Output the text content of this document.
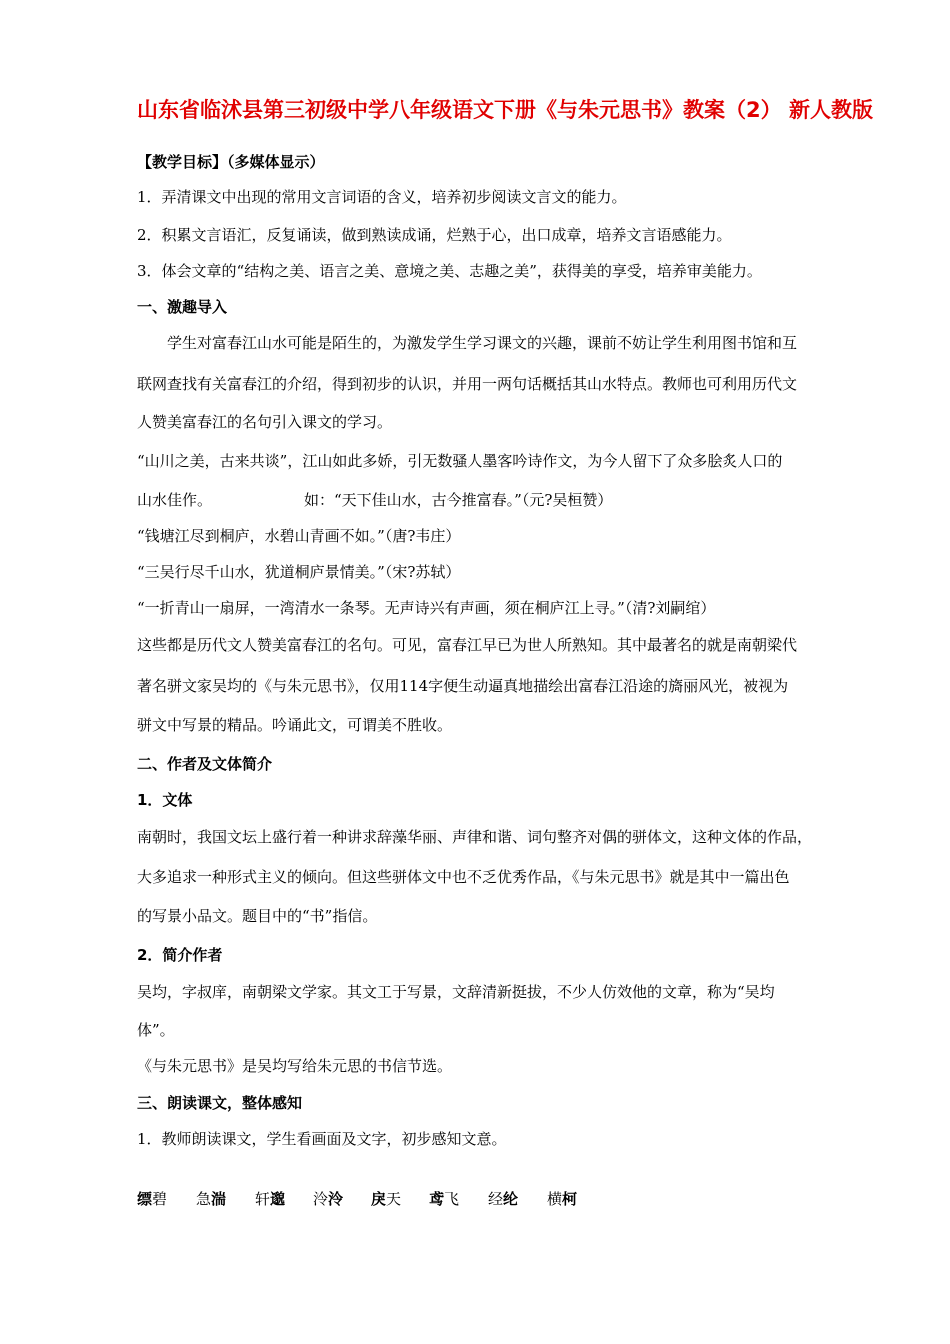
山东省临沭县第三初级中学八年级语文下册《与朱元思书》教案（2） 新人教版
【教学目标】（多媒体显示）
1．弄清课文中出现的常用文言词语的含义，培养初步阅读文言文的能力。
2．积累文言语汇，反复诵读，做到熟读成诵，烂熟于心，出口成章，培养文言语感能力。
3．体会文章的“结构之美、语言之美、意境之美、志趣之美”，获得美的享受，培养审美能力。
一、激趣导入
　　学生对富春江山水可能是陌生的，为激发学生学习课文的兴趣，课前不妨让学生利用图书馆和互
联网查找有关富春江的介绍，得到初步的认识，并用一两句话概括其山水特点。教师也可利用历代文
人赞美富春江的名句引入课文的学习。
“山川之美，古来共谈”，江山如此多娇，引无数骚人墨客吟诗作文，为今人留下了众多脍炙人口的
山水佳作。	如：“天下佳山水，古今推富春。”（元?吴桓赞）
“钱塘江尽到桐庐，水碧山青画不如。”（唐?韦庄）
“三吴行尽千山水，犹道桐庐景情美。”（宋?苏轼）
“一折青山一扇屏，一湾清水一条琴。无声诗兴有声画，须在桐庐江上寻。”（清?刘嗣绾）
这些都是历代文人赞美富春江的名句。可见，富春江早已为世人所熟知。其中最著名的就是南朝梁代
著名骈文家吴均的《与朱元思书》，仅用114字便生动逼真地描绘出富春江沿途的旖丽风光，被视为
骈文中写景的精品。吟诵此文，可谓美不胜收。
二、作者及文体简介
1．文体
南朝时，我国文坛上盛行着一种讲求辞藻华丽、声律和谐、词句整齐对偶的骈体文，这种文体的作品，
大多追求一种形式主义的倾向。但这些骈体文中也不乏优秀作品，《与朱元思书》就是其中一篇出色
的写景小品文。题目中的“书”指信。
2．简介作者
吴均，字叔庠，南朝梁文学家。其文工于写景，文辞清新挺拔，不少人仿效他的文章，称为“吴均
体”。
《与朱元思书》是吴均写给朱元思的书信节选。
三、朗读课文，整体感知
1．教师朗读课文，学生看画面及文字，初步感知文意。
缥碧 急湍 轩邈 泠泠 戾天 鸢飞 经纶 横柯
